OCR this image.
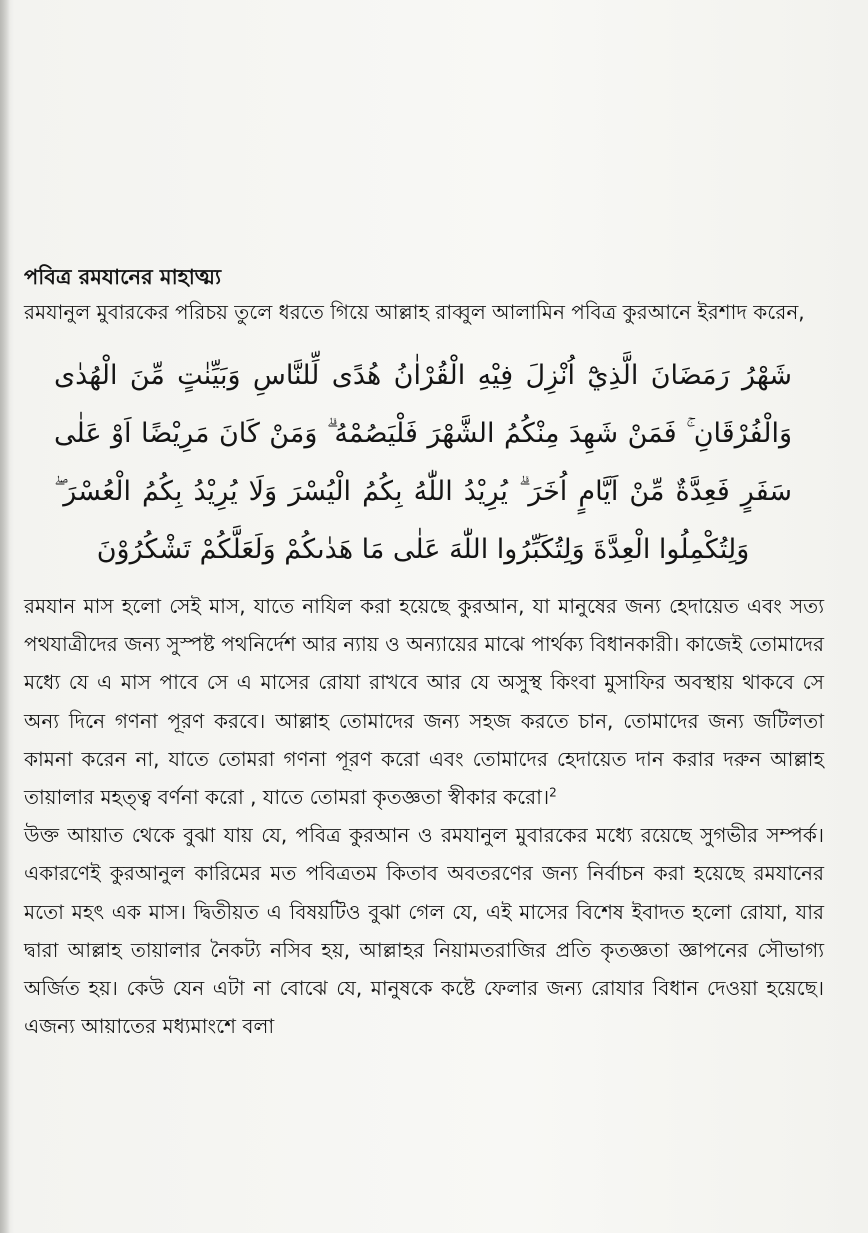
পবিত্র রমযানের মাহাত্ম্য

রমযানুল মুবারকের পরিচয় তুলে ধরতে গিয়ে আল্লাহ রাব্বুল আলামিন পবিত্র কুরআনে ইরশাদ করেন,

شَهْرُ رَمَضَانَ الَّذِيْٓ اُنْزِلَ فِيْهِ الْقُرْاٰنُ هُدًى لِّلنَّاسِ وَبَيِّنٰتٍ مِّنَ الْهُدٰى
وَالْفُرْقَانِ ۚ فَمَنْ شَهِدَ مِنْكُمُ الشَّهْرَ فَلْيَصُمْهُ ۗ وَمَنْ كَانَ مَرِيْضًا اَوْ عَلٰى
سَفَرٍ فَعِدَّةٌ مِّنْ اَيَّامٍ اُخَرَ ۗ يُرِيْدُ اللّٰهُ بِكُمُ الْيُسْرَ وَلَا يُرِيْدُ بِكُمُ الْعُسْرَ ۖ
وَلِتُكْمِلُوا الْعِدَّةَ وَلِتُكَبِّرُوا اللّٰهَ عَلٰى مَا هَدٰىكُمْ وَلَعَلَّكُمْ تَشْكُرُوْنَ

রমযান মাস হলো সেই মাস, যাতে নাযিল করা হয়েছে কুরআন, যা মানুষের জন্য হেদায়েত এবং সত্য পথযাত্রীদের জন্য সুস্পষ্ট পথনির্দেশ আর ন্যায় ও অন্যায়ের মাঝে পার্থক্য বিধানকারী। কাজেই তোমাদের মধ্যে যে এ মাস পাবে সে এ মাসের রোযা রাখবে আর যে অসুস্থ কিংবা মুসাফির অবস্থায় থাকবে সে অন্য দিনে গণনা পূরণ করবে। আল্লাহ তোমাদের জন্য সহজ করতে চান, তোমাদের জন্য জটিলতা কামনা করেন না, যাতে তোমরা গণনা পূরণ করো এবং তোমাদের হেদায়েত দান করার দরুন আল্লাহ তায়ালার মহত্ত্ব বর্ণনা করো , যাতে তোমরা কৃতজ্ঞতা স্বীকার করো।$^2$

উক্ত আয়াত থেকে বুঝা যায় যে, পবিত্র কুরআন ও রমযানুল মুবারকের মধ্যে রয়েছে সুগভীর সম্পর্ক। একারণেই কুরআনুল কারিমের মত পবিত্রতম কিতাব অবতরণের জন্য নির্বাচন করা হয়েছে রমযানের মতো মহৎ এক মাস। দ্বিতীয়ত এ বিষয়টিও বুঝা গেল যে, এই মাসের বিশেষ ইবাদত হলো রোযা, যার দ্বারা আল্লাহ তায়ালার নৈকট্য নসিব হয়, আল্লাহর নিয়ামতরাজির প্রতি কৃতজ্ঞতা জ্ঞাপনের সৌভাগ্য অর্জিত হয়। কেউ যেন এটা না বোঝে যে, মানুষকে কষ্টে ফেলার জন্য রোযার বিধান দেওয়া হয়েছে। এজন্য আয়াতের মধ্যমাংশে বলা
